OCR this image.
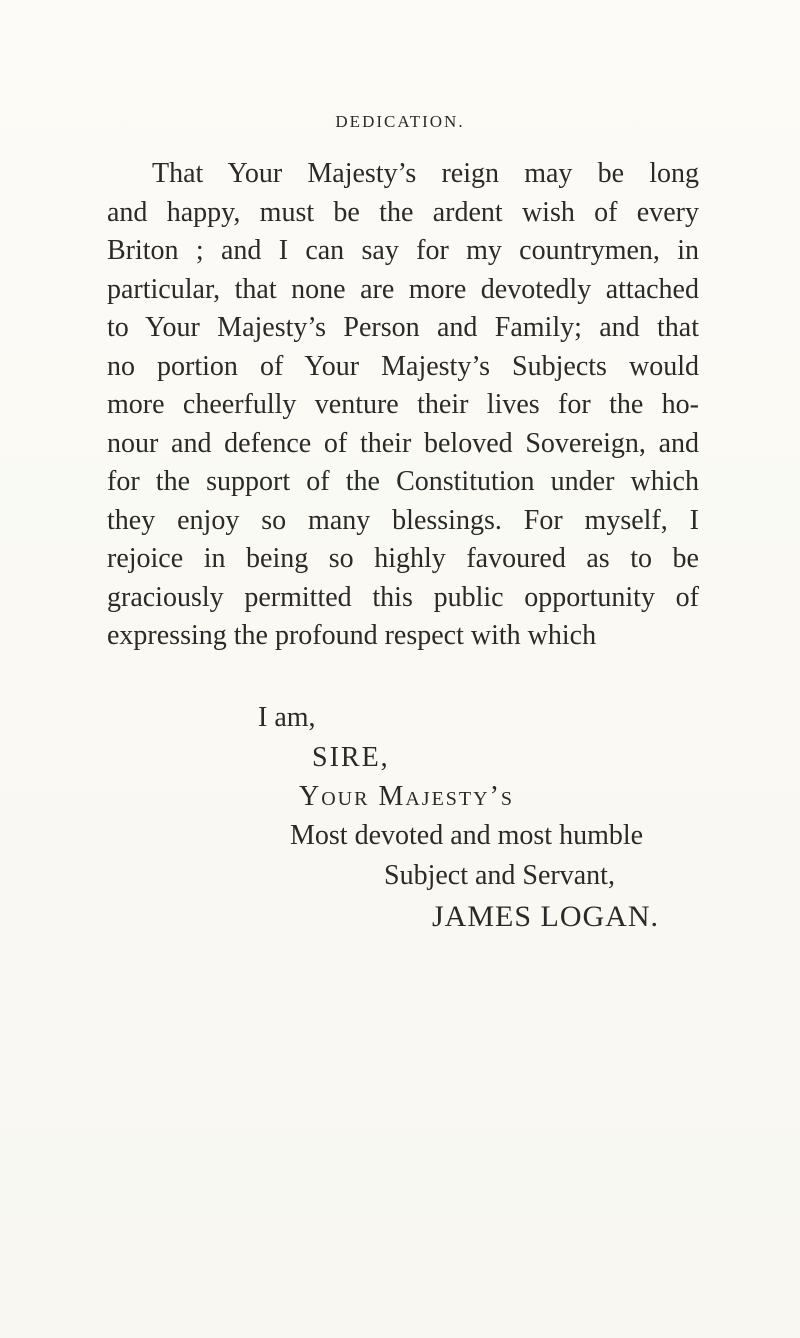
DEDICATION.
That Your Majesty’s reign may be long
and happy, must be the ardent wish of every
Briton ; and I can say for my countrymen, in
particular, that none are more devotedly attached
to Your Majesty’s Person and Family; and that
no portion of Your Majesty’s Subjects would
more cheerfully venture their lives for the ho-
nour and defence of their beloved Sovereign, and
for the support of the Constitution under which
they enjoy so many blessings. For myself, I
rejoice in being so highly favoured as to be
graciously permitted this public opportunity of
expressing the profound respect with which
I am,
SIRE,
Your Majesty’s
Most devoted and most humble
Subject and Servant,
JAMES LOGAN.
